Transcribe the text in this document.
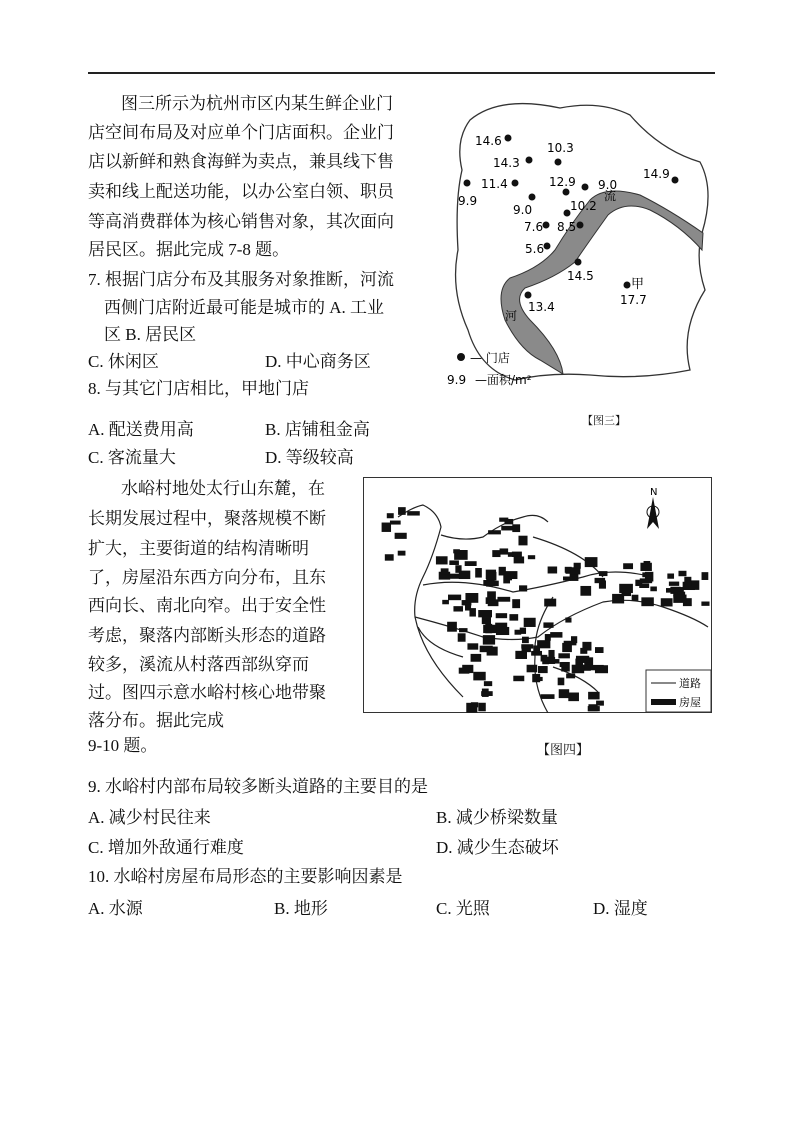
图三所示为杭州市区内某生鲜企业门
店空间布局及对应单个门店面积。企业门
店以新鲜和熟食海鲜为卖点，兼具线下售
卖和线上配送功能，以办公室白领、职员
等高消费群体为核心销售对象，其次面向
居民区。据此完成 7-8 题。
7. 根据门店分布及其服务对象推断，河流
西侧门店附近最可能是城市的 A. 工业
区 B. 居民区
C. 休闲区	D. 中心商务区
8. 与其它门店相比，甲地门店
A. 配送费用高	B. 店铺租金高
C. 客流量大	D. 等级较高
流
河
14.6	10.3
14.3
11.4
9.9
12.9 9.0
10.2
9.0
7.6 8.5
5.6
14.5
13.4	17.7
14.9
甲
— 门店
9.9 —面积/m²
【图三】
水峪村地处太行山东麓，在
长期发展过程中，聚落规模不断
扩大，主要街道的结构清晰明
了，房屋沿东西方向分布，且东
西向长、南北向窄。出于安全性
考虑，聚落内部断头形态的道路
较多，溪流从村落西部纵穿而
过。图四示意水峪村核心地带聚
落分布。据此完成
9-10 题。
N
道路
房屋
【图四】
9. 水峪村内部布局较多断头道路的主要目的是
A. 减少村民往来	B. 减少桥梁数量
C. 增加外敌通行难度	D. 减少生态破坏
10. 水峪村房屋布局形态的主要影响因素是
A. 水源	B. 地形	C. 光照	D. 湿度
